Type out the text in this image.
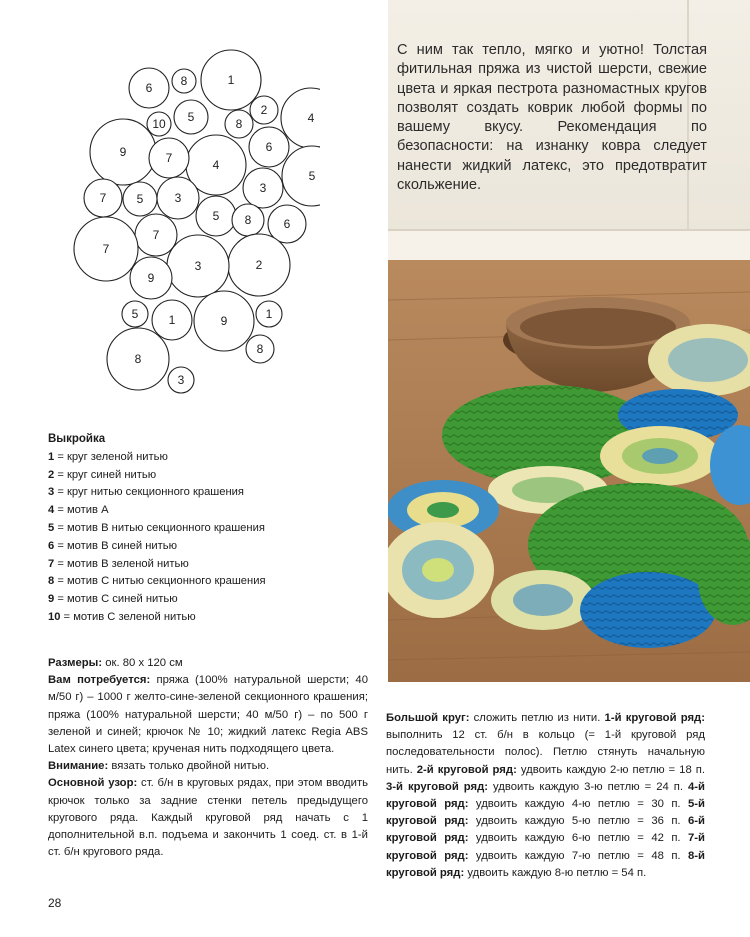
1
8
6
5
10	8
2
4
9
4
7
6
5
7	5	3
3
5
7
8	6
7
2
3
9
5	1	9	1
8
8
3
Выкройка
1 = круг зеленой нитью
2 = круг синей нитью
3 = круг нитью секционного крашения
4 = мотив А
5 = мотив В нитью секционного крашения
6 = мотив В синей нитью
7 = мотив В зеленой нитью
8 = мотив С нитью секционного крашения
9 = мотив С синей нитью
10 = мотив С зеленой нитью
С ним так тепло, мягко и уютно! Толстая фитильная пряжа из чистой шерсти, свежие цвета и яркая пестрота разномастных кругов позволят создать коврик любой формы по вашему вкусу. Рекомендация по безопасности: на изнанку ковра следует нанести жидкий латекс, это предотвратит скольжение.

Размеры: ок. 80 х 120 см

Вам потребуется: пряжа (100% натуральной шерсти; 40 м/50 г) – 1000 г желто-сине-зеленой секционного крашения; пряжа (100% натуральной шерсти; 40 м/50 г) – по 500 г зеленой и синей; крючок № 10; жидкий латекс Regia ABS Latex синего цвета; крученая нить подходящего цвета.

Внимание: вязать только двойной нитью.

Основной узор: ст. б/н в круговых рядах, при этом вводить крючок только за задние стенки петель предыдущего кругового ряда. Каждый круговой ряд начать с 1 дополнительной в.п. подъема и закончить 1 соед. ст. в 1-й ст. б/н кругового ряда.

Большой круг: сложить петлю из нити. 1-й круговой ряд: выполнить 12 ст. б/н в кольцо (= 1-й круговой ряд последовательности полос). Петлю стянуть начальную нить. 2-й круговой ряд: удвоить каждую 2-ю петлю = 18 п. 3-й круговой ряд: удвоить каждую 3-ю петлю = 24 п. 4-й круговой ряд: удвоить каждую 4-ю петлю = 30 п. 5-й круговой ряд: удвоить каждую 5-ю петлю = 36 п. 6-й круговой ряд: удвоить каждую 6-ю петлю = 42 п. 7-й круговой ряд: удвоить каждую 7-ю петлю = 48 п. 8-й круговой ряд: удвоить каждую 8-ю петлю = 54 п.

28
